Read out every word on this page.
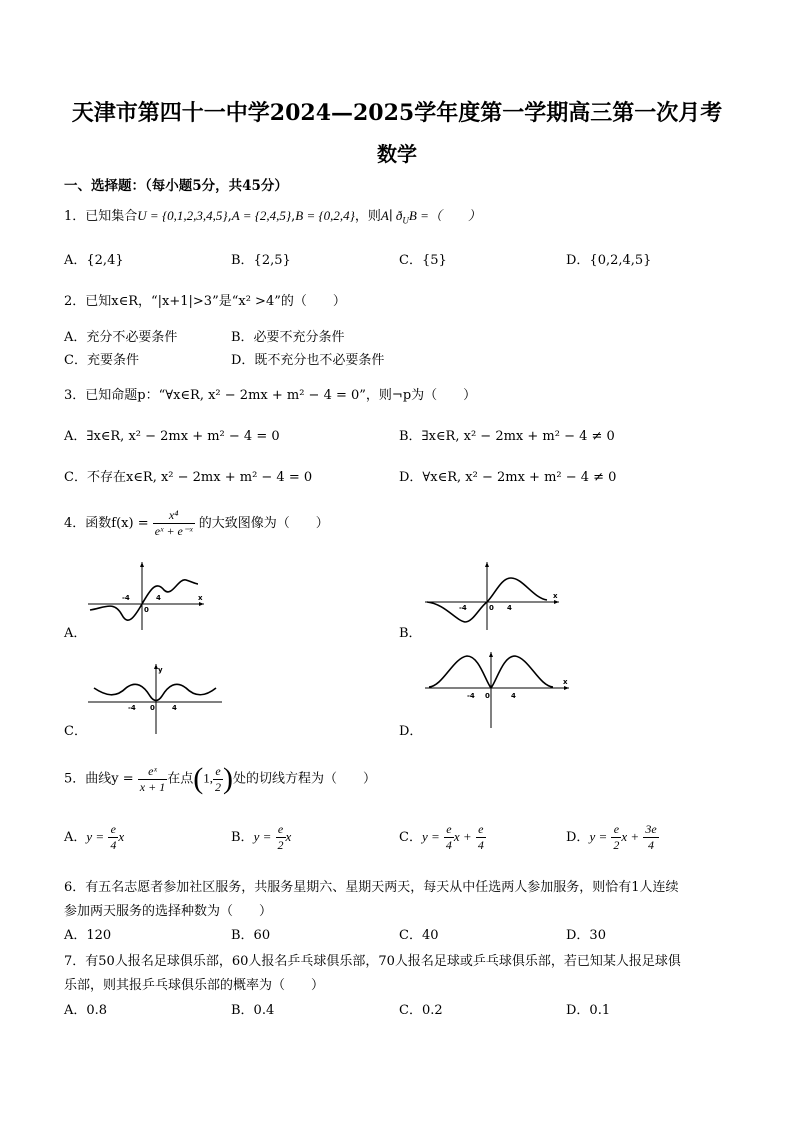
天津市第四十一中学2024—2025学年度第一学期高三第一次月考
数学
一、选择题：（每小题5分，共45分）
1．已知集合U = {0,1,2,3,4,5},A = {2,4,5},B = {0,2,4}，则A∣ $ð_UB$ =（　　）
A．{2,4}	B．{2,5}	C．{5}	D．{0,2,4,5}
2．已知x∈R，“|x+1|>3”是“x² >4”的（　　）
A．充分不必要条件	B．必要不充分条件
C．充要条件	D．既不充分也不必要条件
3．已知命题p：“∀x∈R, x² − 2mx + m² − 4 = 0”，则¬p为（　　）
A．∃x∈R, x² − 2mx + m² − 4 = 0	B．∃x∈R, x² − 2mx + m² − 4 ≠ 0
C．不存在x∈R, x² − 2mx + m² − 4 = 0	D．∀x∈R, x² − 2mx + m² − 4 ≠ 0
4．函数$f(x) = \frac{\text{x⁴}}{\text{eˣ + e⁻ˣ}}$ 的大致图像为（　　）
-4
0
4	x
A．
-4	0 4
x
B．
-4 0 4
y
C．
-4 0	4
x
D．
5．曲线$y = \frac{\text{eˣ}}{x + 1}$ 在点(1, $\frac{e}{2}$ )处的切线方程为（　　）
A．$y = \frac{e}{4}$ x	B．$y = \frac{e}{2}$ x	C．$y = \frac{e}{4}$ $x + \frac{e}{4}$	D．$y = \frac{e}{2}$ $x + \frac{3e}{4}$
6．有五名志愿者参加社区服务，共服务星期六、星期天两天，每天从中任选两人参加服务，则恰有1人连续
参加两天服务的选择种数为（　　）
A．120	B．60	C．40	D．30
7．有50人报名足球俱乐部，60人报名乒乓球俱乐部，70人报名足球或乒乓球俱乐部，若已知某人报足球俱
乐部，则其报乒乓球俱乐部的概率为（　　）
A．0.8	B．0.4	C．0.2	D．0.1
